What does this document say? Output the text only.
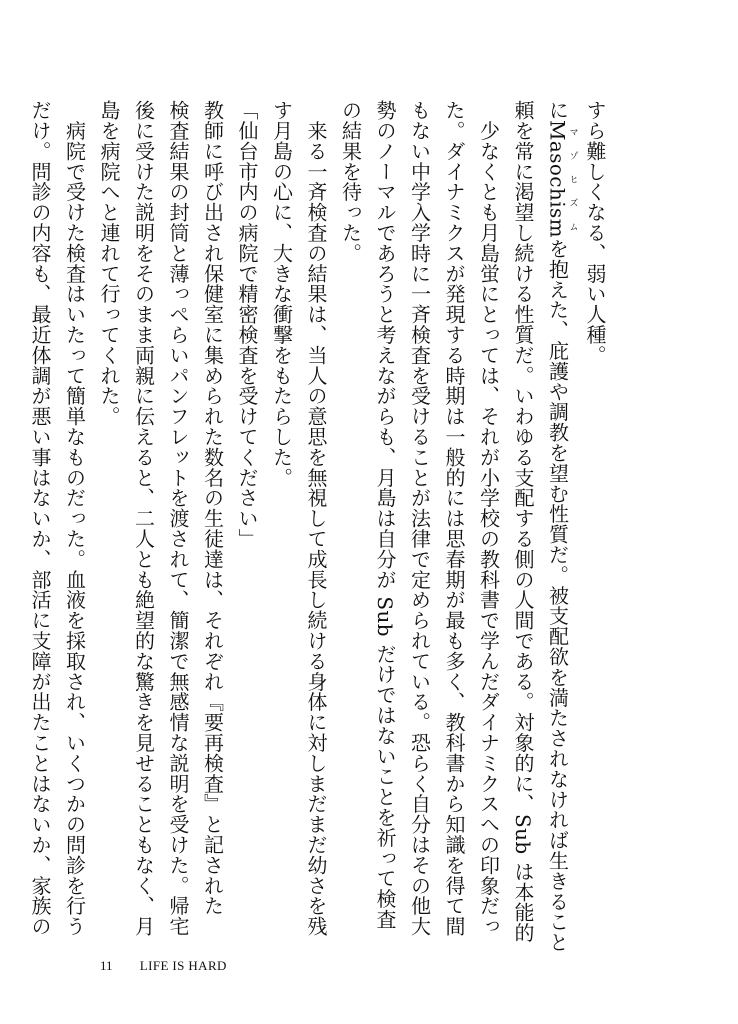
すら難しくなる、弱い人種。
にMasochismマゾヒズムを抱えた、庇護や調教を望む性質だ。被支配欲を満たされなければ生きること
頼を常に渇望し続ける性質だ。いわゆる支配する側の人間である。対象的に、Sub は本能的
　少なくとも月島蛍にとっては、それが小学校の教科書で学んだダイナミクスへの印象だっ
た。ダイナミクスが発現する時期は一般的には思春期が最も多く、教科書から知識を得て間
もない中学入学時に一斉検査を受けることが法律で定められている。恐らく自分はその他大
勢のノーマルであろうと考えながらも、月島は自分が Sub だけではないことを祈って検査
の結果を待った。
　来る一斉検査の結果は、当人の意思を無視して成長し続ける身体に対しまだまだ幼さを残
す月島の心に、大きな衝撃をもたらした。
「仙台市内の病院で精密検査を受けてください」
教師に呼び出され保健室に集められた数名の生徒達は、それぞれ『要再検査』と記された
検査結果の封筒と薄っぺらいパンフレットを渡されて、簡潔で無感情な説明を受けた。帰宅
後に受けた説明をそのまま両親に伝えると、二人とも絶望的な驚きを見せることもなく、月
島を病院へと連れて行ってくれた。
　病院で受けた検査はいたって簡単なものだった。血液を採取され、いくつかの問診を行う
だけ。問診の内容も、最近体調が悪い事はないか、部活に支障が出たことはないか、家族の
11 LIFE IS HARD
